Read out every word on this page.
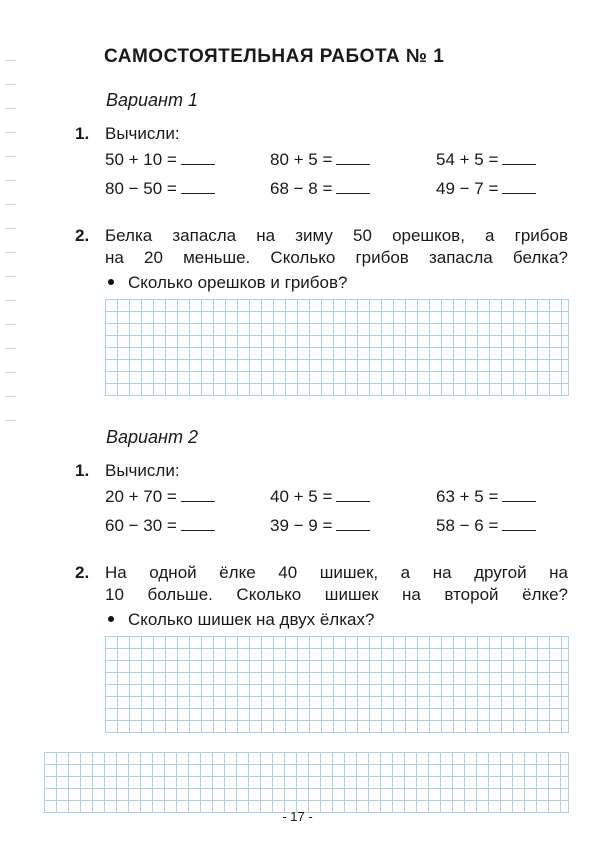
САМОСТОЯТЕЛЬНАЯ РАБОТА № 1
Вариант 1
1. Вычисли:
50 + 10 =	80 + 5 =	54 + 5 =
80 − 50 =	68 − 8 =	49 − 7 =
2. Белка запасла на зиму 50 орешков, а грибов
на 20 меньше. Сколько грибов запасла белка?
Сколько орешков и грибов?
Вариант 2
1. Вычисли:
20 + 70 =	40 + 5 =	63 + 5 =
60 − 30 =	39 − 9 =	58 − 6 =
2. На одной ёлке 40 шишек, а на другой на
10 больше. Сколько шишек на второй ёлке?
Сколько шишек на двух ёлках?
- 17 -
